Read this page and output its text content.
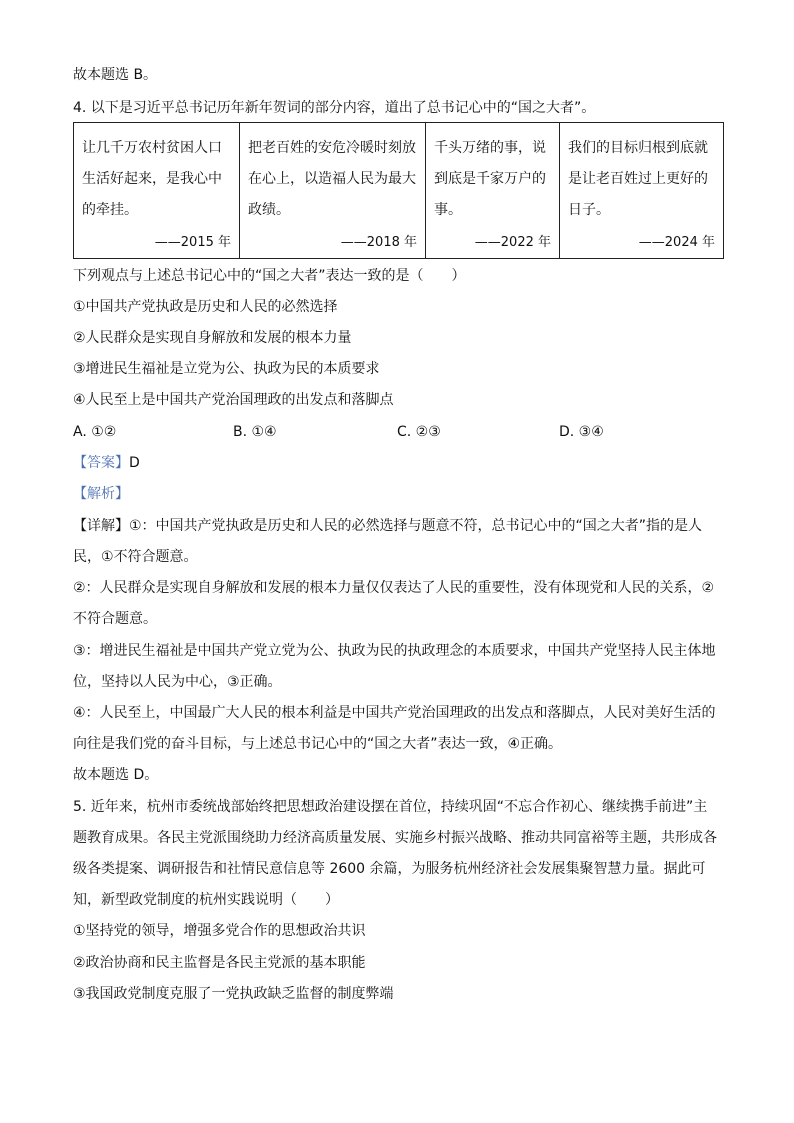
故本题选 B。
4. 以下是习近平总书记历年新年贺词的部分内容，道出了总书记心中的“国之大者”。
让几千万农村贫困人口生活好起来，是我心中的牵挂。
——2015 年

把老百姓的安危冷暖时刻放在心上，以造福人民为最大政绩。
——2018 年

千头万绪的事，说到底是千家万户的事。
——2022 年

我们的目标归根到底就是让老百姓过上更好的日子。
——2024 年
下列观点与上述总书记心中的“国之大者”表达一致的是（　　）
①中国共产党执政是历史和人民的必然选择
②人民群众是实现自身解放和发展的根本力量
③增进民生福祉是立党为公、执政为民的本质要求
④人民至上是中国共产党治国理政的出发点和落脚点
A. ①②	B. ①④	C. ②③	D. ③④
【答案】D
【解析】
【详解】①：中国共产党执政是历史和人民的必然选择与题意不符，总书记心中的“国之大者”指的是人
民，①不符合题意。
②：人民群众是实现自身解放和发展的根本力量仅仅表达了人民的重要性，没有体现党和人民的关系，②
不符合题意。
③：增进民生福祉是中国共产党立党为公、执政为民的执政理念的本质要求，中国共产党坚持人民主体地
位，坚持以人民为中心，③正确。
④：人民至上，中国最广大人民的根本利益是中国共产党治国理政的出发点和落脚点，人民对美好生活的
向往是我们党的奋斗目标，与上述总书记心中的“国之大者”表达一致，④正确。
故本题选 D。
5. 近年来，杭州市委统战部始终把思想政治建设摆在首位，持续巩固“不忘合作初心、继续携手前进”主
题教育成果。各民主党派围绕助力经济高质量发展、实施乡村振兴战略、推动共同富裕等主题，共形成各
级各类提案、调研报告和社情民意信息等 2600 余篇，为服务杭州经济社会发展集聚智慧力量。据此可
知，新型政党制度的杭州实践说明（　　）
①坚持党的领导，增强多党合作的思想政治共识
②政治协商和民主监督是各民主党派的基本职能
③我国政党制度克服了一党执政缺乏监督的制度弊端
